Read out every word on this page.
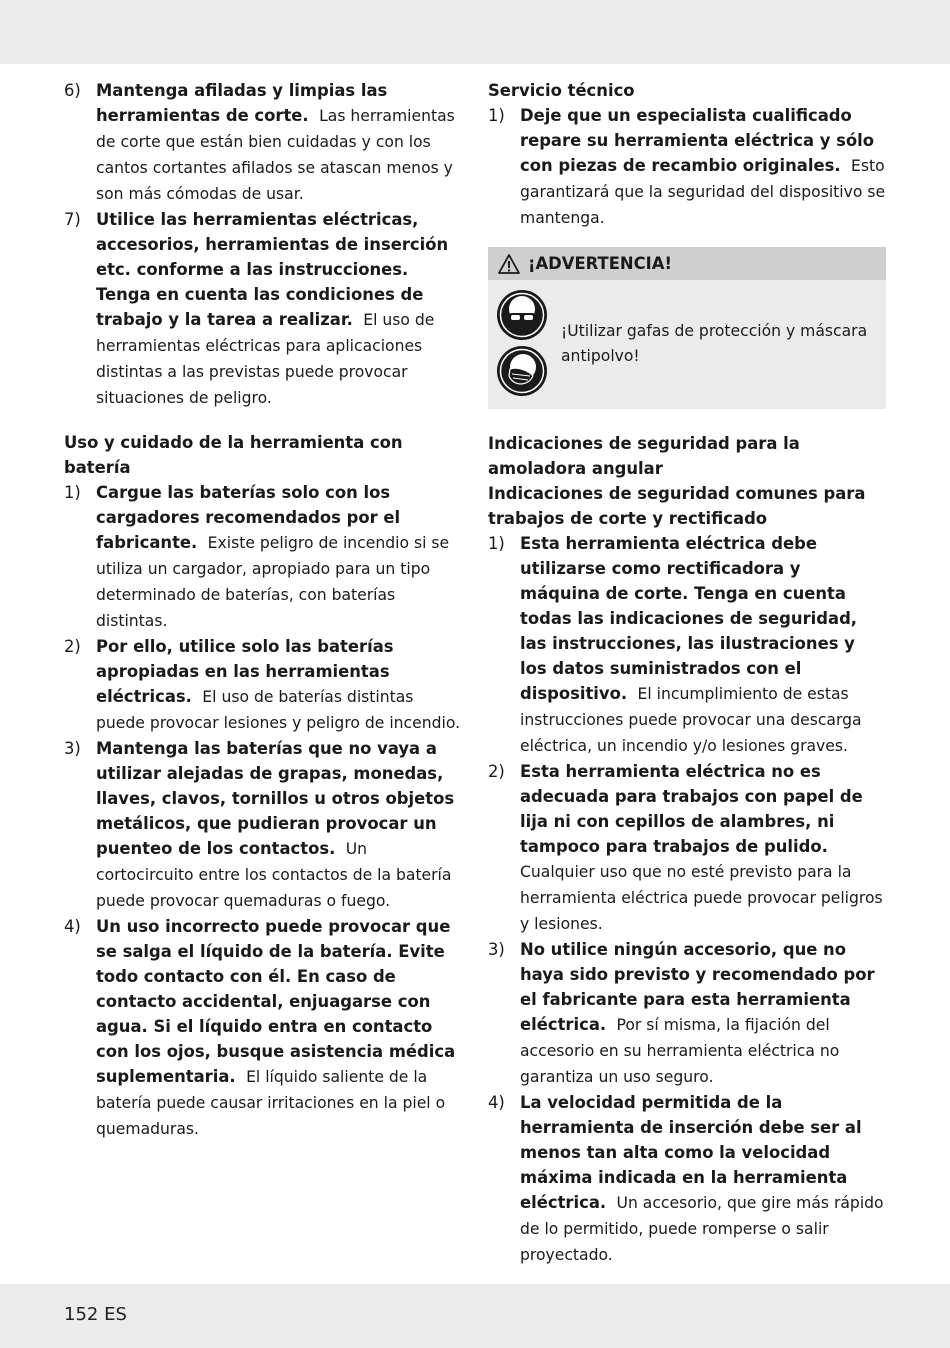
6) Mantenga afiladas y limpias las herramientas de corte. Las herramientas de corte que están bien cuidadas y con los cantos cortantes afilados se atascan menos y son más cómodas de usar.
7) Utilice las herramientas eléctricas, accesorios, herramientas de inserción etc. conforme a las instrucciones. Tenga en cuenta las condiciones de trabajo y la tarea a realizar. El uso de herramientas eléctricas para aplicaciones distintas a las previstas puede provocar situaciones de peligro.
Uso y cuidado de la herramienta con batería
1) Cargue las baterías solo con los cargadores recomendados por el fabricante. Existe peligro de incendio si se utiliza un cargador, apropiado para un tipo determinado de baterías, con baterías distintas.
2) Por ello, utilice solo las baterías apropiadas en las herramientas eléctricas. El uso de baterías distintas puede provocar lesiones y peligro de incendio.
3) Mantenga las baterías que no vaya a utilizar alejadas de grapas, monedas, llaves, clavos, tornillos u otros objetos metálicos, que pudieran provocar un puenteo de los contactos. Un cortocircuito entre los contactos de la batería puede provocar quemaduras o fuego.
4) Un uso incorrecto puede provocar que se salga el líquido de la batería. Evite todo contacto con él. En caso de contacto accidental, enjuagarse con agua. Si el líquido entra en contacto con los ojos, busque asistencia médica suplementaria. El líquido saliente de la batería puede causar irritaciones en la piel o quemaduras.
Servicio técnico
1) Deje que un especialista cualificado repare su herramienta eléctrica y sólo con piezas de recambio originales. Esto garantizará que la seguridad del dispositivo se mantenga.
¡ADVERTENCIA!
¡Utilizar gafas de protección y máscara antipolvo!
Indicaciones de seguridad para la amoladora angular
Indicaciones de seguridad comunes para trabajos de corte y rectificado
1) Esta herramienta eléctrica debe utilizarse como rectificadora y máquina de corte. Tenga en cuenta todas las indicaciones de seguridad, las instrucciones, las ilustraciones y los datos suministrados con el dispositivo. El incumplimiento de estas instrucciones puede provocar una descarga eléctrica, un incendio y/o lesiones graves.
2) Esta herramienta eléctrica no es adecuada para trabajos con papel de lija ni con cepillos de alambres, ni tampoco para trabajos de pulido.  Cualquier uso que no esté previsto para la herramienta eléctrica puede provocar peligros y lesiones.
3) No utilice ningún accesorio, que no haya sido previsto y recomendado por el fabricante para esta herramienta eléctrica. Por sí misma, la fijación del accesorio en su herramienta eléctrica no garantiza un uso seguro.
4) La velocidad permitida de la herramienta de inserción debe ser al menos tan alta como la velocidad máxima indicada en la herramienta eléctrica. Un accesorio, que gire más rápido de lo permitido, puede romperse o salir proyectado.
152 ES
